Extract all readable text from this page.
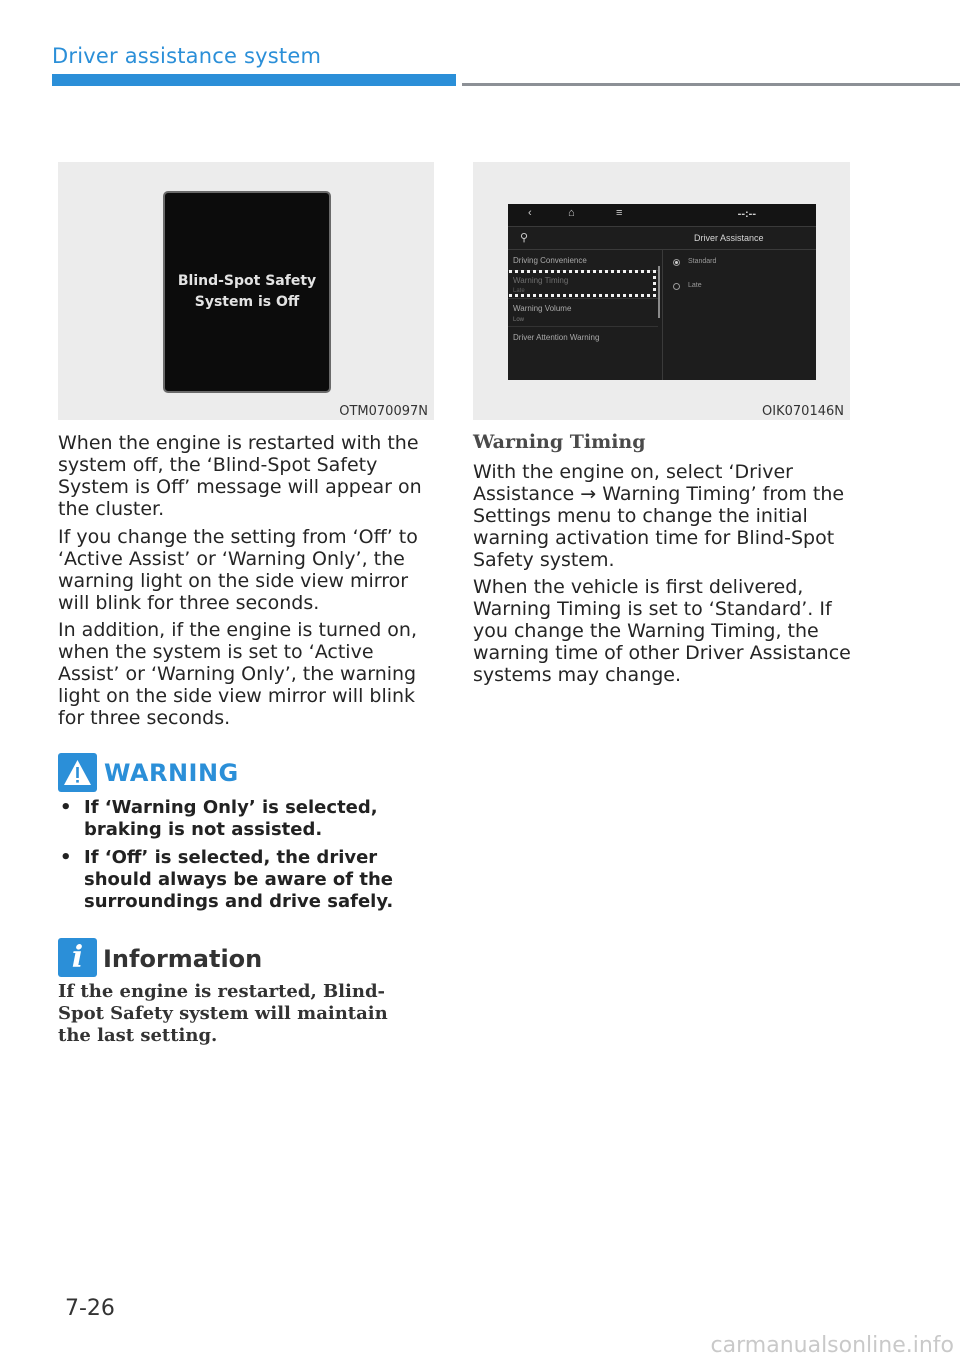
Driver assistance system
Blind-Spot Safety
System is Off
OTM070097N
‹	⌂	≡	--:--
⚲	Driver Assistance
Driving Convenience
Warning Timing
Late
Warning Volume
Low
Driver Attention Warning
Standard
Late
OIK070146N
When the engine is restarted with the system off, the ‘Blind-Spot Safety System is Off’ message will appear on the cluster.
If you change the setting from ‘Off’ to ‘Active Assist’ or ‘Warning Only’, the warning light on the side view mirror will blink for three seconds.
In addition, if the engine is turned on, when the system is set to ‘Active Assist’ or ‘Warning Only’, the warning light on the side view mirror will blink for three seconds.
WARNING
• If ‘Warning Only’ is selected, braking is not assisted.
• If ‘Off’ is selected, the driver should always be aware of the surroundings and drive safely.
i Information
If the engine is restarted, Blind-Spot Safety system will maintain the last setting.
Warning Timing
With the engine on, select ‘Driver Assistance → Warning Timing’ from the Settings menu to change the initial warning activation time for Blind-Spot Safety system.
When the vehicle is first delivered, Warning Timing is set to ‘Standard’. If you change the Warning Timing, the warning time of other Driver Assistance systems may change.
7-26
carmanualsonline.info
